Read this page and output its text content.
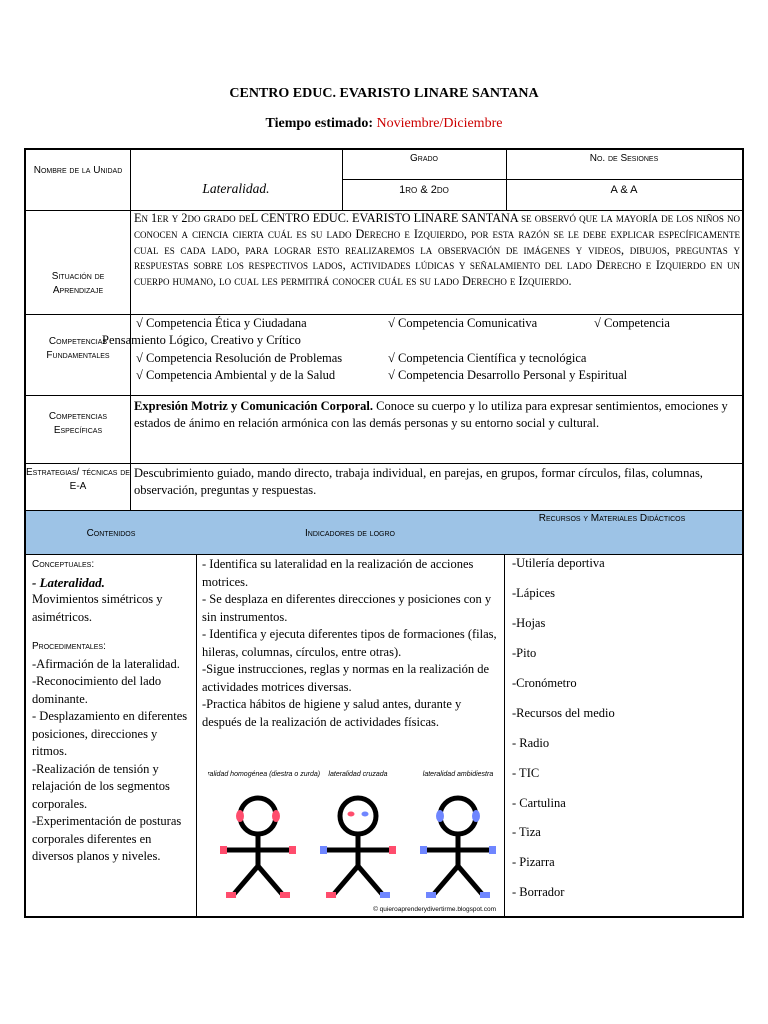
CENTRO EDUC. EVARISTO LINARE SANTANA
Tiempo estimado: Noviembre/Diciembre
Nombre de la Unidad
Lateralidad.
Grado	No. de Sesiones
1ro & 2do	A & A
Situación de Aprendizaje
En 1er y 2do grado deL CENTRO EDUC. EVARISTO LINARE SANTANA se observó que la mayoría de los niños no conocen a ciencia cierta cuál es su lado Derecho e Izquierdo, por esta razón se le debe explicar específicamente cual es cada lado, para lograr esto realizaremos la observación de imágenes y videos, dibujos, preguntas y respuestas sobre los respectivos lados, actividades lúdicas y señalamiento del lado Derecho e Izquierdo en un cuerpo humano, lo cual les permitirá conocer cuál es su lado Derecho e Izquierdo.
Competencias Fundamentales
√ Competencia Ética y Ciudadana	√ Competencia Comunicativa	√ Competencia
Pensamiento Lógico, Creativo y Crítico
√ Competencia Resolución de Problemas	√ Competencia Científica y tecnológica
√ Competencia Ambiental y de la Salud	√ Competencia Desarrollo Personal y Espiritual
Competencias Específicas
Expresión Motriz y Comunicación Corporal. Conoce su cuerpo y lo utiliza para expresar sentimientos, emociones y estados de ánimo en relación armónica con las demás personas y su entorno social y cultural.
Estrategias/ técnicas de E-A
Descubrimiento guiado, mando directo, trabaja individual, en parejas, en grupos, formar círculos, filas, columnas, observación, preguntas y respuestas.
Contenidos	Indicadores de logro
Recursos y Materiales Didácticos
Conceptuales:
- Lateralidad.
Movimientos simétricos y asimétricos.
Procedimentales:
-Afirmación de la lateralidad.
-Reconocimiento del lado dominante.
- Desplazamiento en diferentes posiciones, direcciones y ritmos.
-Realización de tensión y relajación de los segmentos corporales.
-Experimentación de posturas corporales diferentes en diversos planos y niveles.
- Identifica su lateralidad en la realización de acciones motrices.
- Se desplaza en diferentes direcciones y posiciones con y sin instrumentos.
- Identifica y ejecuta diferentes tipos de formaciones (filas, hileras, columnas, círculos, entre otras).
-Sigue instrucciones, reglas y normas en la realización de actividades motrices diversas.
-Practica hábitos de higiene y salud antes, durante y después de la realización de actividades físicas.
lateralidad homogénea (diestra o zurda) lateralidad cruzada	lateralidad ambidiestra
© quieroaprenderydivertirme.blogspot.com
-Utilería deportiva
-Lápices
-Hojas
-Pito
-Cronómetro
-Recursos del medio
- Radio
- TIC
- Cartulina
- Tiza
- Pizarra
- Borrador
